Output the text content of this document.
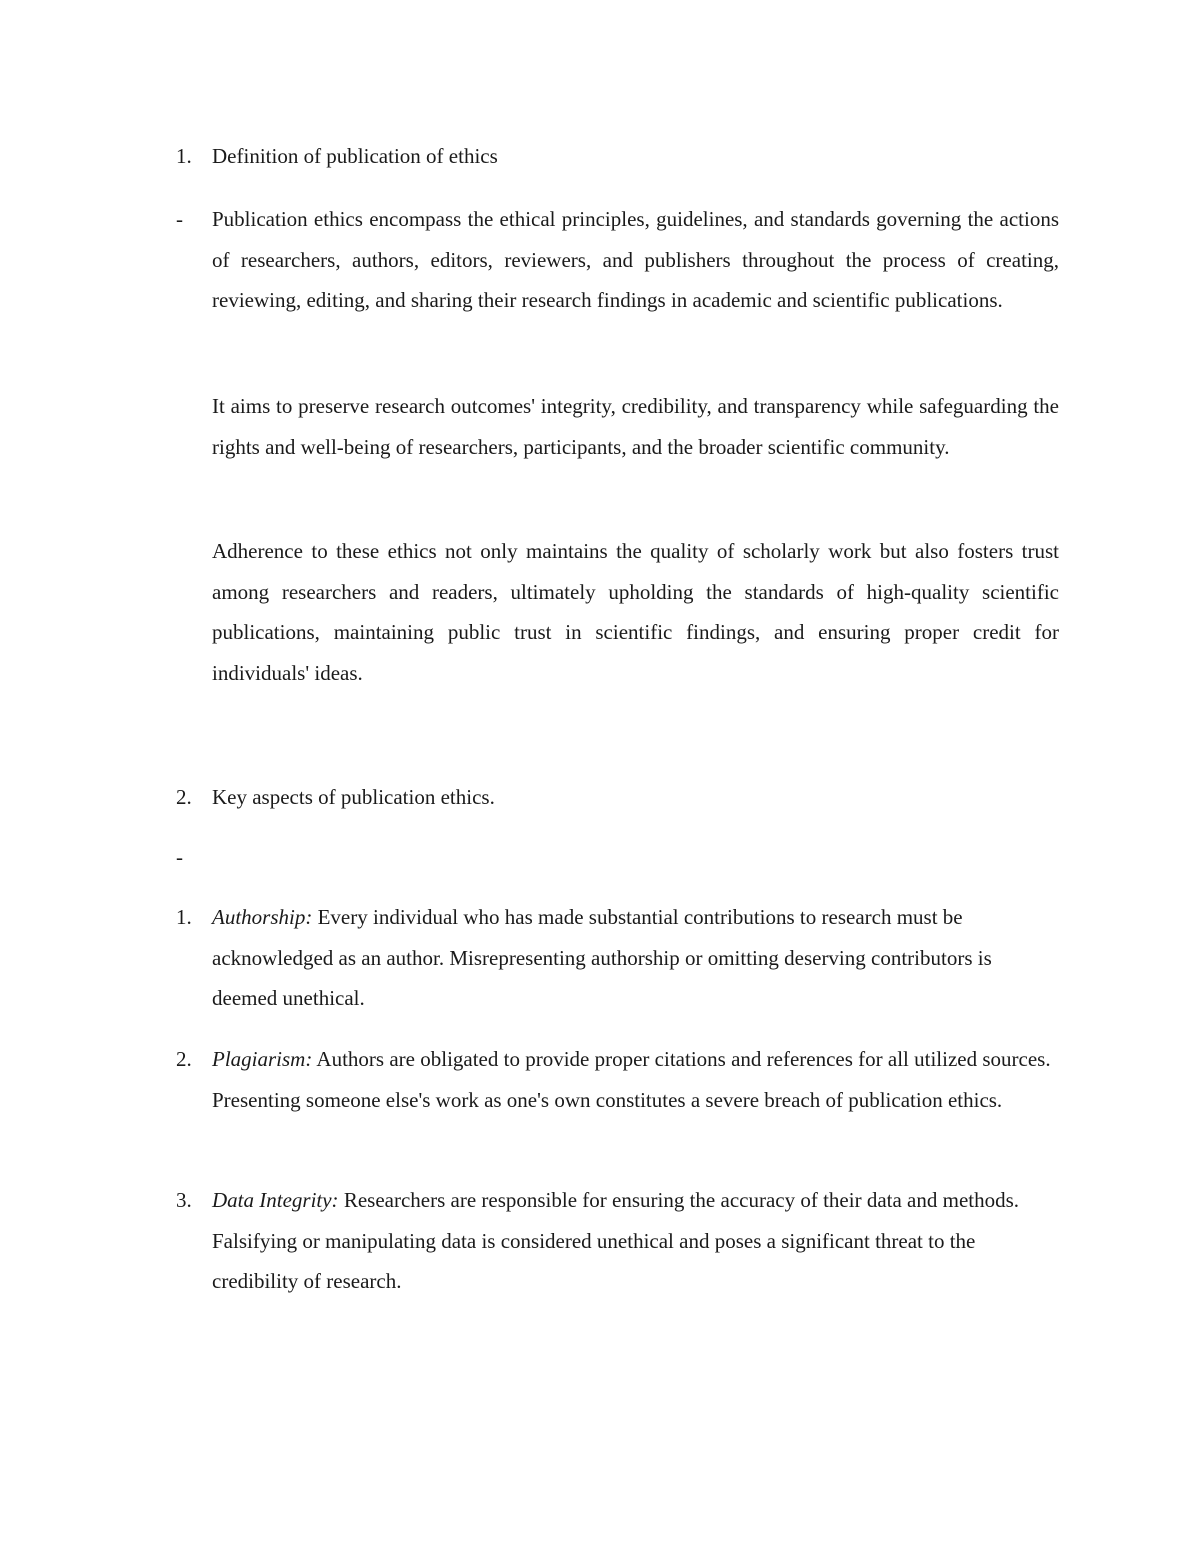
1. Definition of publication of ethics
- Publication ethics encompass the ethical principles, guidelines, and standards governing the actions of researchers, authors, editors, reviewers, and publishers throughout the process of creating, reviewing, editing, and sharing their research findings in academic and scientific publications.
It aims to preserve research outcomes' integrity, credibility, and transparency while safeguarding the rights and well-being of researchers, participants, and the broader scientific community.
Adherence to these ethics not only maintains the quality of scholarly work but also fosters trust among researchers and readers, ultimately upholding the standards of high-quality scientific publications, maintaining public trust in scientific findings, and ensuring proper credit for individuals' ideas.
2. Key aspects of publication ethics.
-
1. Authorship: Every individual who has made substantial contributions to research must be acknowledged as an author. Misrepresenting authorship or omitting deserving contributors is deemed unethical.
2. Plagiarism: Authors are obligated to provide proper citations and references for all utilized sources. Presenting someone else's work as one's own constitutes a severe breach of publication ethics.
3. Data Integrity: Researchers are responsible for ensuring the accuracy of their data and methods. Falsifying or manipulating data is considered unethical and poses a significant threat to the credibility of research.
